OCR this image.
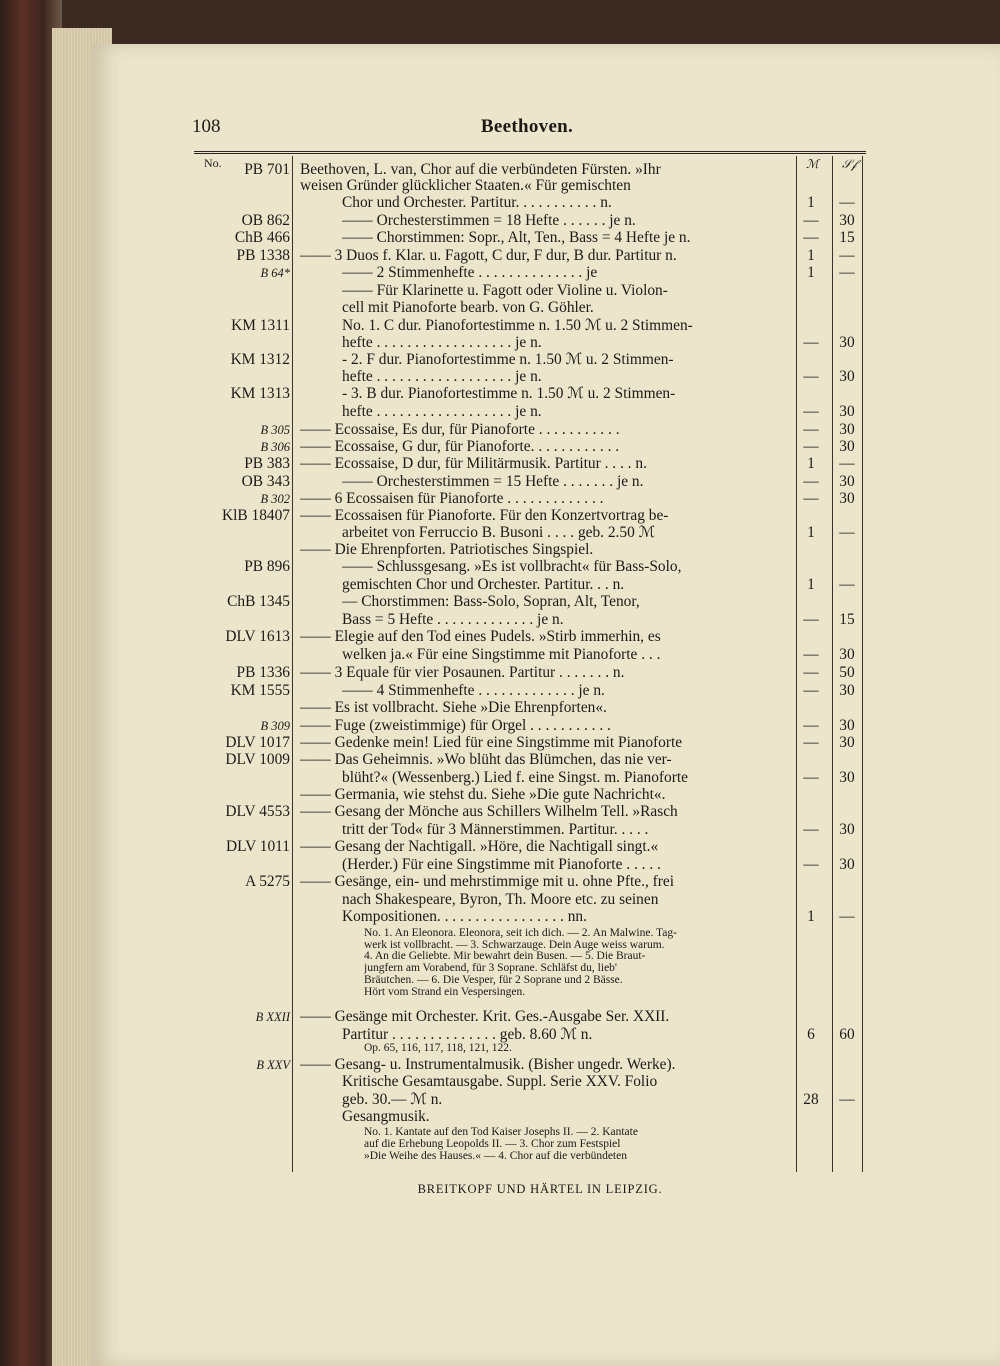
108	Beethoven.
No.	ℳ 𝒮𝒻
PB 701 Beethoven, L. van, Chor auf die verbündeten Fürsten. »Ihr
weisen Gründer glücklicher Staaten.« Für gemischten
Chor und Orchester. Partitur. . . . . . . . . . . n.	1	—
OB 862	—— Orchesterstimmen = 18 Hefte . . . . . . je n.	—	30
ChB 466	—— Chorstimmen: Sopr., Alt, Ten., Bass = 4 Hefte je n.	—	15
PB 1338 —— 3 Duos f. Klar. u. Fagott, C dur, F dur, B dur. Partitur n.	1	—
B 64*	—— 2 Stimmenhefte . . . . . . . . . . . . . . je	1	—
—— Für Klarinette u. Fagott oder Violine u. Violon-
cell mit Pianoforte bearb. von G. Göhler.
KM 1311	No. 1. C dur. Pianofortestimme n. 1.50 ℳ u. 2 Stimmen-
hefte . . . . . . . . . . . . . . . . . . je n.	—	30
KM 1312	- 2. F dur. Pianofortestimme n. 1.50 ℳ u. 2 Stimmen-
hefte . . . . . . . . . . . . . . . . . . je n.	—	30
KM 1313	- 3. B dur. Pianofortestimme n. 1.50 ℳ u. 2 Stimmen-
hefte . . . . . . . . . . . . . . . . . . je n.	—	30
B 305 —— Ecossaise, Es dur, für Pianoforte . . . . . . . . . . .	—	30
B 306 —— Ecossaise, G dur, für Pianoforte. . . . . . . . . . . .	—	30
PB 383 —— Ecossaise, D dur, für Militärmusik. Partitur . . . . n.	1	—
OB 343	—— Orchesterstimmen = 15 Hefte . . . . . . . je n.	—	30
B 302 —— 6 Ecossaisen für Pianoforte . . . . . . . . . . . . .	—	30
KlB 18407 —— Ecossaisen für Pianoforte. Für den Konzertvortrag be-
arbeitet von Ferruccio B. Busoni . . . . geb. 2.50 ℳ	1	—
—— Die Ehrenpforten. Patriotisches Singspiel.
PB 896	—— Schlussgesang. »Es ist vollbracht« für Bass-Solo,
gemischten Chor und Orchester. Partitur. . . n.	1	—
ChB 1345	— Chorstimmen: Bass-Solo, Sopran, Alt, Tenor,
Bass = 5 Hefte . . . . . . . . . . . . . je n.	—	15
DLV 1613 —— Elegie auf den Tod eines Pudels. »Stirb immerhin, es
welken ja.« Für eine Singstimme mit Pianoforte . . .	—	30
PB 1336 —— 3 Equale für vier Posaunen. Partitur . . . . . . . n.	—	50
KM 1555	—— 4 Stimmenhefte . . . . . . . . . . . . . je n.	—	30
—— Es ist vollbracht. Siehe »Die Ehrenpforten«.
B 309 —— Fuge (zweistimmige) für Orgel . . . . . . . . . . .	—	30
DLV 1017 —— Gedenke mein! Lied für eine Singstimme mit Pianoforte	—	30
DLV 1009 —— Das Geheimnis. »Wo blüht das Blümchen, das nie ver-
blüht?« (Wessenberg.) Lied f. eine Singst. m. Pianoforte	—	30
—— Germania, wie stehst du. Siehe »Die gute Nachricht«.
DLV 4553 —— Gesang der Mönche aus Schillers Wilhelm Tell. »Rasch
tritt der Tod« für 3 Männerstimmen. Partitur. . . . .	—	30
DLV 1011 —— Gesang der Nachtigall. »Höre, die Nachtigall singt.«
(Herder.) Für eine Singstimme mit Pianoforte . . . . .	—	30
A 5275 —— Gesänge, ein- und mehrstimmige mit u. ohne Pfte., frei
nach Shakespeare, Byron, Th. Moore etc. zu seinen
Kompositionen. . . . . . . . . . . . . . . . . nn.	1	—
No. 1. An Eleonora. Eleonora, seit ich dich. — 2. An Malwine. Tag-
werk ist vollbracht. — 3. Schwarzauge. Dein Auge weiss warum.
4. An die Geliebte. Mir bewahrt dein Busen. — 5. Die Braut-
jungfern am Vorabend, für 3 Soprane. Schläfst du, lieb'
Bräutchen. — 6. Die Vesper, für 2 Soprane und 2 Bässe.
Hört vom Strand ein Vespersingen.
B XXII —— Gesänge mit Orchester. Krit. Ges.-Ausgabe Ser. XXII.
Partitur . . . . . . . . . . . . . . geb. 8.60 ℳ n.	6	60
Op. 65, 116, 117, 118, 121, 122.
B XXV —— Gesang- u. Instrumentalmusik. (Bisher ungedr. Werke).
Kritische Gesamtausgabe. Suppl. Serie XXV. Folio
geb. 30.— ℳ n.	28	—
Gesangmusik.
No. 1. Kantate auf den Tod Kaiser Josephs II. — 2. Kantate
auf die Erhebung Leopolds II. — 3. Chor zum Festspiel
»Die Weihe des Hauses.« — 4. Chor auf die verbündeten
BREITKOPF UND HÄRTEL IN LEIPZIG.
